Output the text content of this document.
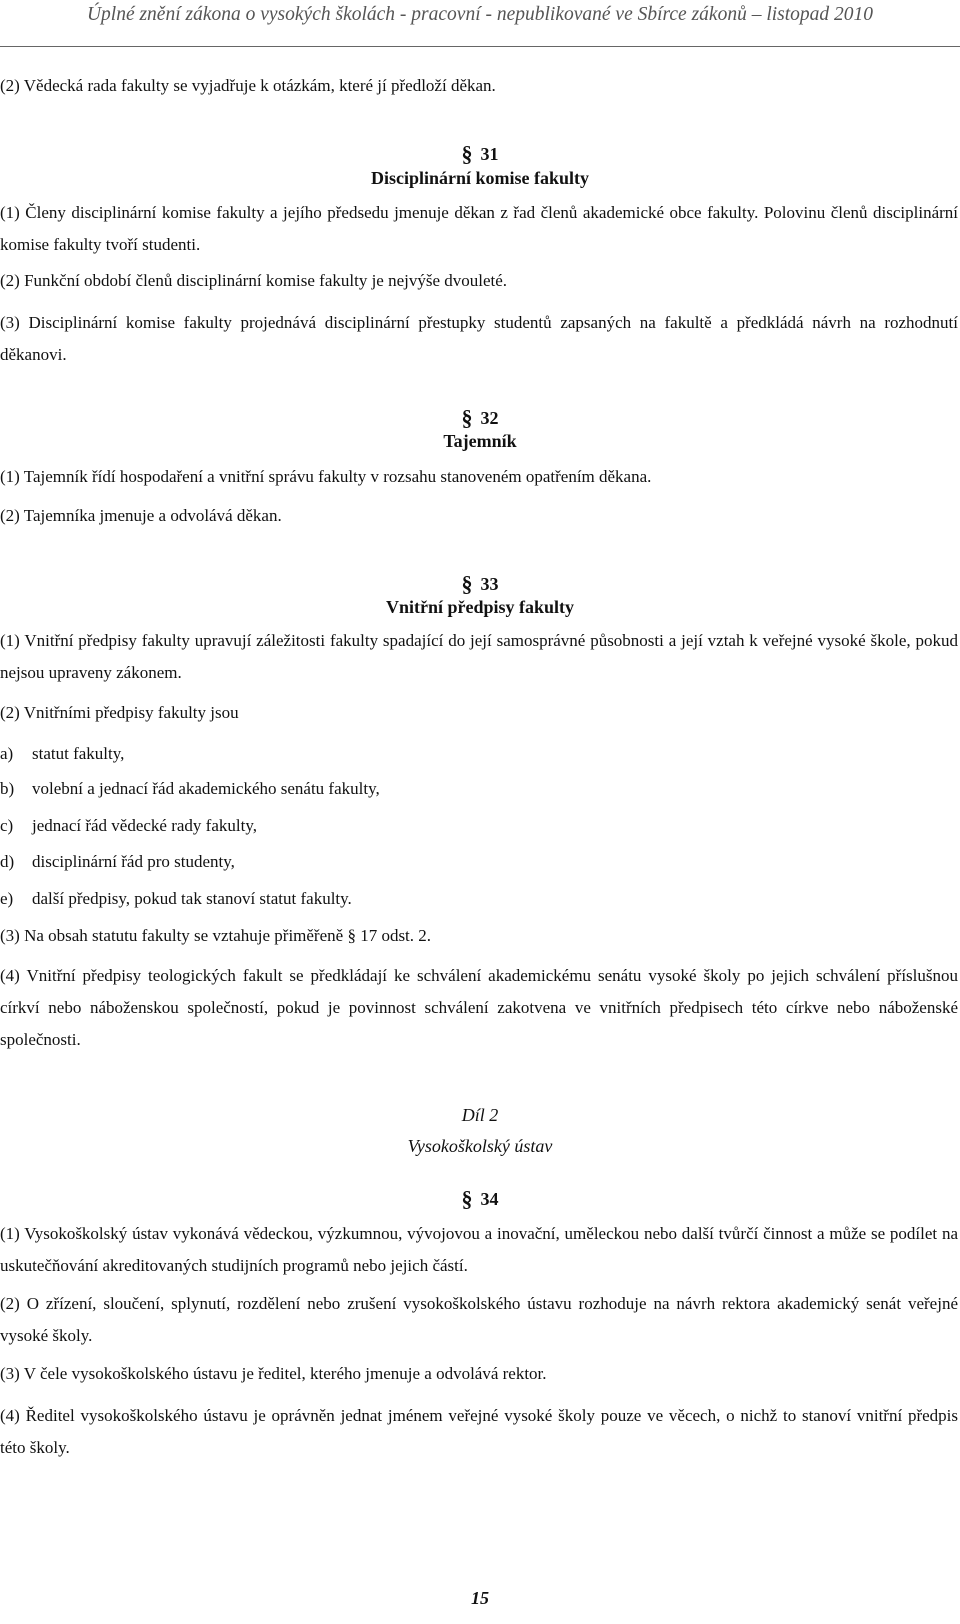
Úplné znění zákona o vysokých školách - pracovní - nepublikované ve Sbírce zákonů – listopad 2010

(2) Vědecká rada fakulty se vyjadřuje k otázkám, které jí předloží děkan.

§ 31
Disciplinární komise fakulty

(1) Členy disciplinární komise fakulty a jejího předsedu jmenuje děkan z řad členů akademické obce fakulty. Polovinu členů disciplinární komise fakulty tvoří studenti.

(2) Funkční období členů disciplinární komise fakulty je nejvýše dvouleté.

(3) Disciplinární komise fakulty projednává disciplinární přestupky studentů zapsaných na fakultě a předkládá návrh na rozhodnutí děkanovi.

§ 32
Tajemník

(1) Tajemník řídí hospodaření a vnitřní správu fakulty v rozsahu stanoveném opatřením děkana.

(2) Tajemníka jmenuje a odvolává děkan.

§ 33
Vnitřní předpisy fakulty

(1) Vnitřní předpisy fakulty upravují záležitosti fakulty spadající do její samosprávné působnosti a její vztah k veřejné vysoké škole, pokud nejsou upraveny zákonem.

(2) Vnitřními předpisy fakulty jsou

a) statut fakulty,
b) volební a jednací řád akademického senátu fakulty,
c) jednací řád vědecké rady fakulty,
d) disciplinární řád pro studenty,
e) další předpisy, pokud tak stanoví statut fakulty.

(3) Na obsah statutu fakulty se vztahuje přiměřeně § 17 odst. 2.

(4) Vnitřní předpisy teologických fakult se předkládají ke schválení akademickému senátu vysoké školy po jejich schválení příslušnou církví nebo náboženskou společností, pokud je povinnost schválení zakotvena ve vnitřních předpisech této církve nebo náboženské společnosti.

Díl 2
Vysokoškolský ústav
§ 34

(1) Vysokoškolský ústav vykonává vědeckou, výzkumnou, vývojovou a inovační, uměleckou nebo další tvůrčí činnost a může se podílet na uskutečňování akreditovaných studijních programů nebo jejich částí.

(2) O zřízení, sloučení, splynutí, rozdělení nebo zrušení vysokoškolského ústavu rozhoduje na návrh rektora akademický senát veřejné vysoké školy.

(3) V čele vysokoškolského ústavu je ředitel, kterého jmenuje a odvolává rektor.

(4) Ředitel vysokoškolského ústavu je oprávněn jednat jménem veřejné vysoké školy pouze ve věcech, o nichž to stanoví vnitřní předpis této školy.

15
